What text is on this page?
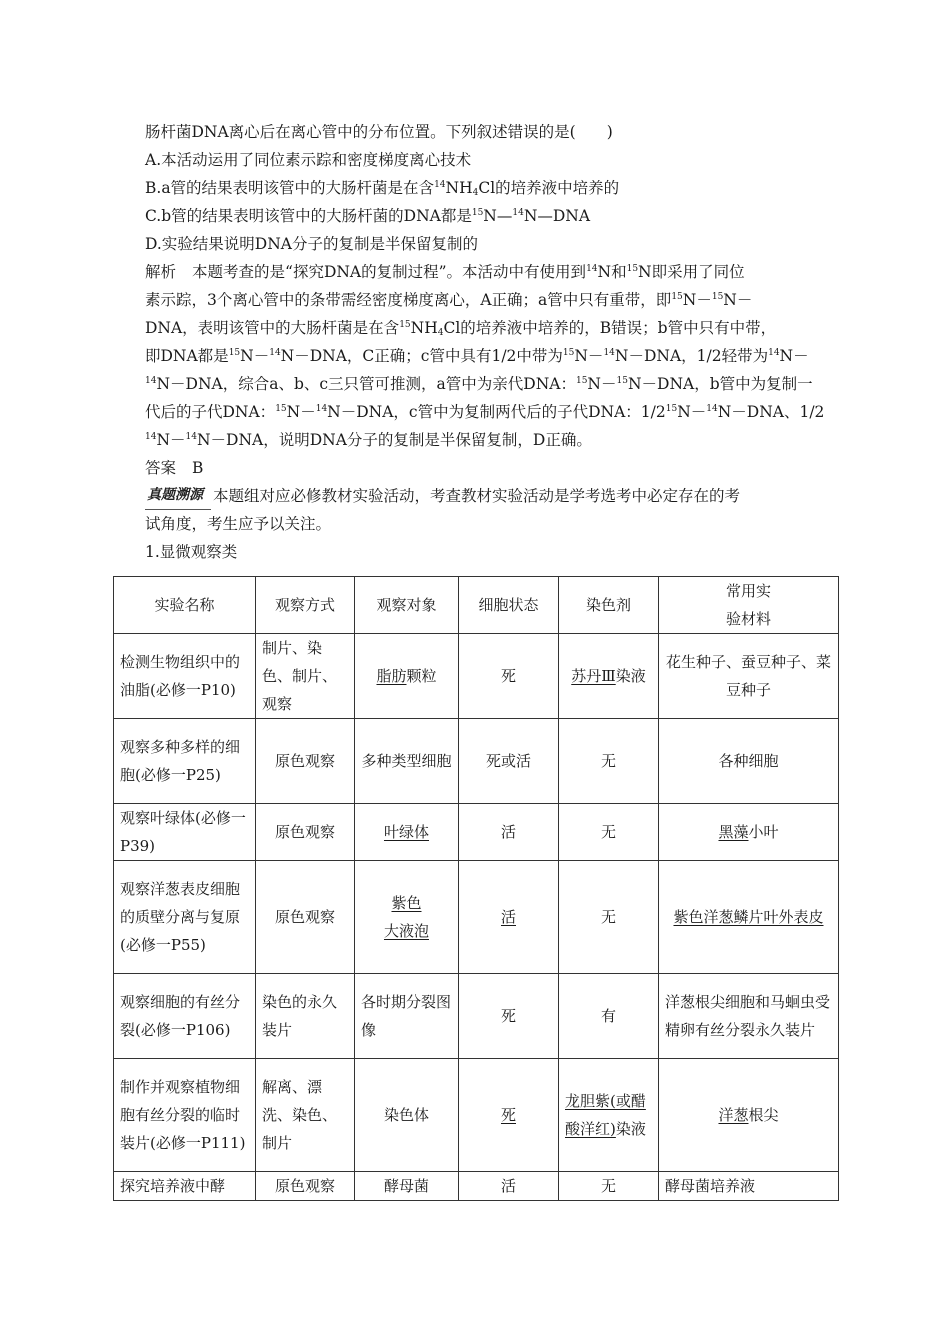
肠杆菌DNA离心后在离心管中的分布位置。下列叙述错误的是(　　)
A.本活动运用了同位素示踪和密度梯度离心技术
B.a管的结果表明该管中的大肠杆菌是在含$^{14}NH_4Cl$的培养液中培养的
C.b管的结果表明该管中的大肠杆菌的DNA都是$^{15}$N—$^{14}$N—DNA
D.实验结果说明DNA分子的复制是半保留复制的
解析 本题考查的是“探究DNA的复制过程”。本活动中有使用到$^{14}$N和$^{15}$N即采用了同位
素示踪，3个离心管中的条带需经密度梯度离心，A正确；a管中只有重带，即$^{15}$N－$^{15}$N－
DNA，表明该管中的大肠杆菌是在含$^{15}NH_4Cl$的培养液中培养的，B错误；b管中只有中带，
即DNA都是$^{15}$N－$^{14}$N－DNA，C正确；c管中具有1/2中带为$^{15}$N－$^{14}$N－DNA，1/2轻带为$^{14}$N－
$^{14}$N－DNA，综合a、b、c三只管可推测，a管中为亲代DNA：$^{15}$N－$^{15}$N－DNA，b管中为复制一
代后的子代DNA：$^{15}$N－$^{14}$N－DNA，c管中为复制两代后的子代DNA：$1/2^{15}N-^{14}N-DNA$、1/2
$^{14}$N－$^{14}$N－DNA，说明DNA分子的复制是半保留复制，D正确。
答案 B
真题溯源 本题组对应必修教材实验活动，考查教材实验活动是学考选考中必定存在的考
试角度，考生应予以关注。
1.显微观察类
实验名称	观察方式	观察对象	细胞状态	染色剂	常用实
验材料
检测生物组织中的油脂(必修一P10)	制片、染色、制片、观察	脂肪颗粒	死	苏丹Ⅲ染液	花生种子、蚕豆种子、菜豆种子
观察多种多样的细胞(必修一P25)	原色观察	多种类型细胞	死或活	无	各种细胞
观察叶绿体(必修一P39)	原色观察	叶绿体	活	无	黑藻小叶
观察洋葱表皮细胞的质壁分离与复原(必修一P55)	原色观察	紫色
大液泡	活	无	紫色洋葱鳞片叶外表皮
观察细胞的有丝分裂(必修一P106)	染色的永久装片	各时期分裂图像	死	有	洋葱根尖细胞和马蛔虫受精卵有丝分裂永久装片
制作并观察植物细胞有丝分裂的临时装片(必修一P111)	解离、漂洗、染色、制片	染色体	死	龙胆紫(或醋酸洋红)染液	洋葱根尖
探究培养液中酵	原色观察	酵母菌	活	无	酵母菌培养液
